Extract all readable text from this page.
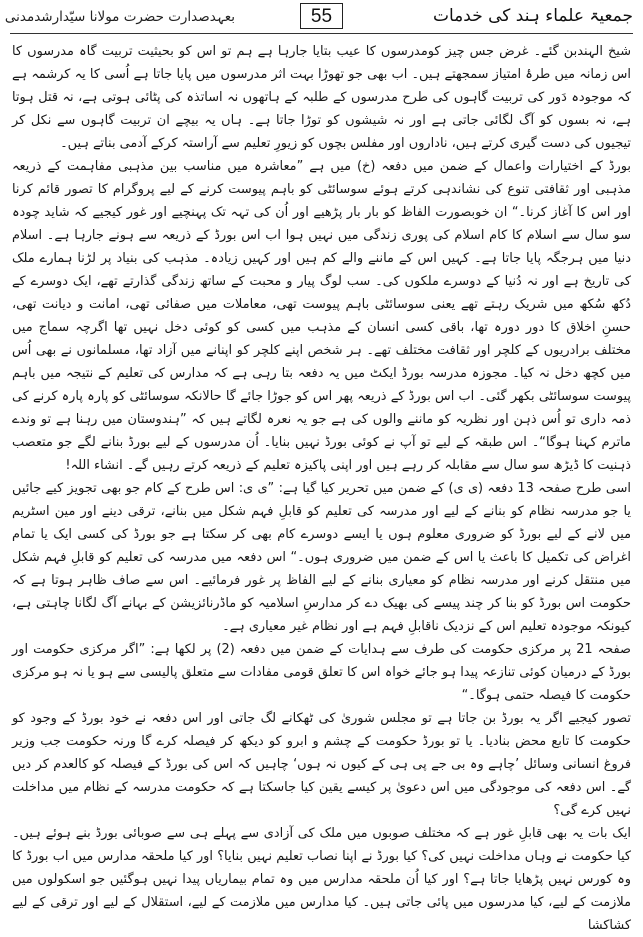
بعہدصدارت حضرت مولانا سیّدارشدمدنی	55	جمعیۃ علماء ہند کی خدمات

شیخ الہندبن گئے۔ غرض جس چیز کومدرسوں کا عیب بتایا جارہا ہے ہم تو اس کو بحیثیت تربیت گاہ مدرسوں کا اس زمانہ میں طرۂ امتیاز سمجھتے ہیں۔ اب بھی جو تھوڑا بہت اثر مدرسوں میں پایا جاتا ہے اُسی کا یہ کرشمہ ہے کہ موجودہ دَور کی تربیت گاہوں کی طرح مدرسوں کے طلبہ کے ہاتھوں نہ اساتذہ کی پٹائی ہوتی ہے، نہ قتل ہوتا ہے، نہ بسوں کو آگ لگائی جاتی ہے اور نہ شیشوں کو توڑا جاتا ہے۔ ہاں یہ بیچے ان تربیت گاہوں سے نکل کر تیجیوں کی دست گیری کرتے ہیں، ناداروں اور مفلس بچوں کو زیورِ تعلیم سے آراستہ کرکے آدمی بناتے ہیں۔

بورڈ کے اختیارات واعمال کے ضمن میں دفعہ (خ) میں ہے ”معاشرہ میں مناسب بین مذہبی مفاہمت کے ذریعہ مذہبی اور ثقافتی تنوع کی نشاندہی کرتے ہوئے سوسائٹی کو باہم پیوست کرنے کے لیے پروگرام کا تصور قائم کرنا اور اس کا آغاز کرنا۔“ ان خوبصورت الفاظ کو بار بار پڑھیے اور اُن کی تہہ تک پہنچیے اور غور کیجیے کہ شاید چودہ سو سال سے اسلام کا کام اسلام کی پوری زندگی میں نہیں ہوا اب اس بورڈ کے ذریعہ سے ہونے جارہا ہے۔ اسلام دنیا میں ہرجگہ پایا جاتا ہے۔ کہیں اس کے ماننے والے کم ہیں اور کہیں زیادہ۔ مذہب کی بنیاد پر لڑنا ہمارے ملک کی تاریخ ہے اور نہ دُنیا کے دوسرے ملکوں کی۔ سب لوگ پیار و محبت کے ساتھ زندگی گذارتے تھے، ایک دوسرے کے دُکھ سُکھ میں شریک رہتے تھے یعنی سوسائٹی باہم پیوست تھی، معاملات میں صفائی تھی، امانت و دیانت تھی، حسنِ اخلاق کا دور دورہ تھا، باقی کسی انسان کے مذہب میں کسی کو کوئی دخل نہیں تھا اگرچہ سماج میں مختلف برادریوں کے کلچر اور ثقافت مختلف تھے۔ ہر شخص اپنے کلچر کو اپنانے میں آزاد تھا، مسلمانوں نے بھی اُس میں کچھ دخل نہ کیا۔ مجوزہ مدرسہ بورڈ ایکٹ میں یہ دفعہ بتا رہی ہے کہ مدارس کی تعلیم کے نتیجہ میں باہم پیوست سوسائٹی بکھر گئی۔ اب اس بورڈ کے ذریعہ پھر اس کو جوڑا جائے گا حالانکہ سوسائٹی کو پارہ پارہ کرنے کی ذمہ داری تو اُس ذہن اور نظریہ کو ماننے والوں کی ہے جو یہ نعرہ لگاتے ہیں کہ ”ہندوستان میں رہنا ہے تو وندے ماترم کہنا ہوگا“۔ اس طبقہ کے لیے تو آپ نے کوئی بورڈ نہیں بنایا۔ اُن مدرسوں کے لیے بورڈ بنانے لگے جو متعصب ذہنیت کا ڈیڑھ سو سال سے مقابلہ کر رہے ہیں اور اپنی پاکیزہ تعلیم کے ذریعہ کرتے رہیں گے۔ انشاء اللہ!

اسی طرح صفحہ 13 دفعہ (ی ی) کے ضمن میں تحریر کیا گیا ہے: ”ی ی: اس طرح کے کام جو بھی تجویز کیے جائیں یا جو مدرسہ نظام کو بنانے کے لیے اور مدرسہ کی تعلیم کو قابلِ فہم شکل میں بنانے، ترقی دینے اور مین اسٹریم میں لانے کے لیے بورڈ کو ضروری معلوم ہوں یا ایسے دوسرے کام بھی کر سکتا ہے جو بورڈ کی کسی ایک یا تمام اغراض کی تکمیل کا باعث یا اس کے ضمن میں ضروری ہوں۔“ اس دفعہ میں مدرسہ کی تعلیم کو قابلِ فہم شکل میں منتقل کرنے اور مدرسہ نظام کو معیاری بنانے کے لیے الفاظ پر غور فرمائیے۔ اس سے صاف ظاہر ہوتا ہے کہ حکومت اس بورڈ کو بنا کر چند پیسے کی بھیک دے کر مدارسِ اسلامیہ کو ماڈرنائزیشن کے بہانے آگ لگانا چاہتی ہے، کیونکہ موجودہ تعلیم اس کے نزدیک ناقابلِ فہم ہے اور نظام غیر معیاری ہے۔

صفحہ 21 پر مرکزی حکومت کی طرف سے ہدایات کے ضمن میں دفعہ (2) پر لکھا ہے: ”اگر مرکزی حکومت اور بورڈ کے درمیان کوئی تنازعہ پیدا ہو جائے خواہ اس کا تعلق قومی مفادات سے متعلق پالیسی سے ہو یا نہ ہو مرکزی حکومت کا فیصلہ حتمی ہوگا۔“

تصور کیجیے اگر یہ بورڈ بن جاتا ہے تو مجلس شوریٰ کی ٹھکانے لگ جاتی اور اس دفعہ نے خود بورڈ کے وجود کو حکومت کا تابع محض بنادیا۔ یا تو بورڈ حکومت کے چشم و ابرو کو دیکھ کر فیصلہ کرے گا ورنہ حکومت جب وزیر فروغ انسانی وسائل ’چاہے وہ بی جے پی ہی کے کیوں نہ ہوں‘ چاہیں کہ اس کی بورڈ کے فیصلہ کو کالعدم کر دیں گے۔ اس دفعہ کی موجودگی میں اس دعویٰ پر کیسے یقین کیا جاسکتا ہے کہ حکومت مدرسہ کے نظام میں مداخلت نہیں کرے گی؟

ایک بات یہ بھی قابلِ غور ہے کہ مختلف صوبوں میں ملک کی آزادی سے پہلے ہی سے صوبائی بورڈ بنے ہوئے ہیں۔ کیا حکومت نے وہاں مداخلت نہیں کی؟ کیا بورڈ نے اپنا نصاب تعلیم نہیں بنایا؟ اور کیا ملحقہ مدارس میں اب بورڈ کا وہ کورس نہیں پڑھایا جاتا ہے؟ اور کیا اُن ملحقہ مدارس میں وہ تمام بیماریاں پیدا نہیں ہوگئیں جو اسکولوں میں ملازمت کے لیے، کیا مدرسوں میں پائی جاتی ہیں۔ کیا مدارس میں ملازمت کے لیے، استقلال کے لیے اور ترقی کے لیے کشاکشا
